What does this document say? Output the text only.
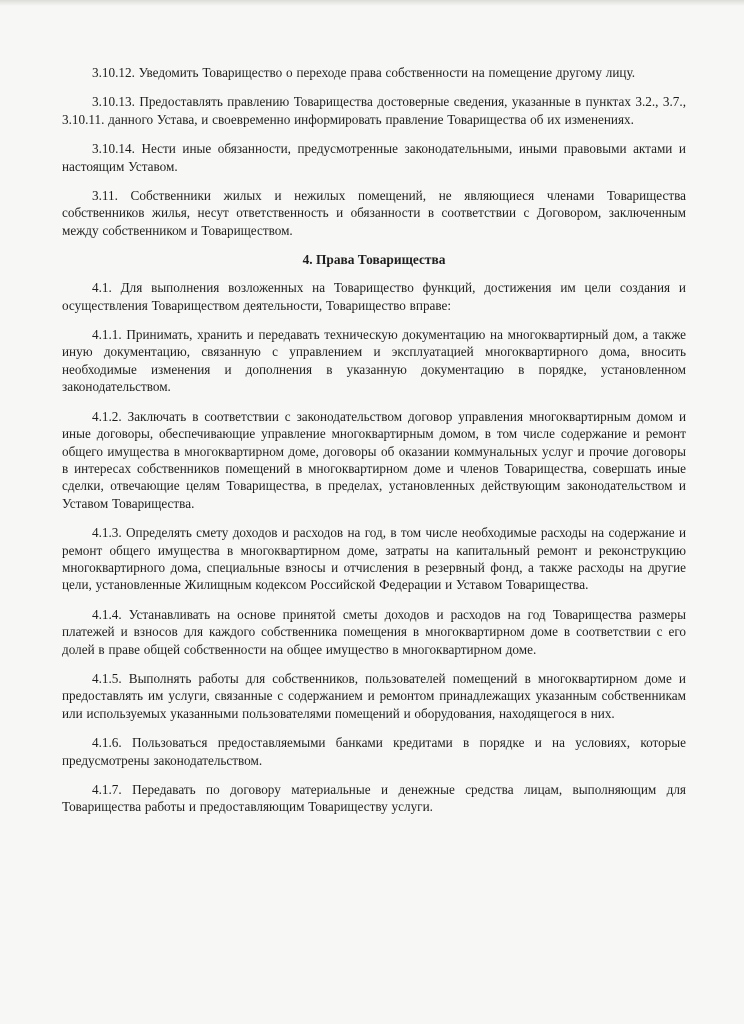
3.10.12. Уведомить Товарищество о переходе права собственности на помещение другому лицу.

3.10.13. Предоставлять правлению Товарищества достоверные сведения, указанные в пунктах 3.2., 3.7., 3.10.11. данного Устава, и своевременно информировать правление Товарищества об их изменениях.

3.10.14. Нести иные обязанности, предусмотренные законодательными, иными правовыми актами и настоящим Уставом.

3.11. Собственники жилых и нежилых помещений, не являющиеся членами Товарищества собственников жилья, несут ответственность и обязанности в соответствии с Договором, заключенным между собственником и Товариществом.

4. Права Товарищества

4.1. Для выполнения возложенных на Товарищество функций, достижения им цели создания и осуществления Товариществом деятельности, Товарищество вправе:

4.1.1. Принимать, хранить и передавать техническую документацию на многоквартирный дом, а также иную документацию, связанную с управлением и эксплуатацией многоквартирного дома, вносить необходимые изменения и дополнения в указанную документацию в порядке, установленном законодательством.

4.1.2. Заключать в соответствии с законодательством договор управления многоквартирным домом и иные договоры, обеспечивающие управление многоквартирным домом, в том числе содержание и ремонт общего имущества в многоквартирном доме, договоры об оказании коммунальных услуг и прочие договоры в интересах собственников помещений в многоквартирном доме и членов Товарищества, совершать иные сделки, отвечающие целям Товарищества, в пределах, установленных действующим законодательством и Уставом Товарищества.

4.1.3. Определять смету доходов и расходов на год, в том числе необходимые расходы на содержание и ремонт общего имущества в многоквартирном доме, затраты на капитальный ремонт и реконструкцию многоквартирного дома, специальные взносы и отчисления в резервный фонд, а также расходы на другие цели, установленные Жилищным кодексом Российской Федерации и Уставом Товарищества.

4.1.4. Устанавливать на основе принятой сметы доходов и расходов на год Товарищества размеры платежей и взносов для каждого собственника помещения в многоквартирном доме в соответствии с его долей в праве общей собственности на общее имущество в многоквартирном доме.

4.1.5. Выполнять работы для собственников, пользователей помещений в многоквартирном доме и предоставлять им услуги, связанные с содержанием и ремонтом принадлежащих указанным собственникам или используемых указанными пользователями помещений и оборудования, находящегося в них.

4.1.6. Пользоваться предоставляемыми банками кредитами в порядке и на условиях, которые предусмотрены законодательством.

4.1.7. Передавать по договору материальные и денежные средства лицам, выполняющим для Товарищества работы и предоставляющим Товариществу услуги.
